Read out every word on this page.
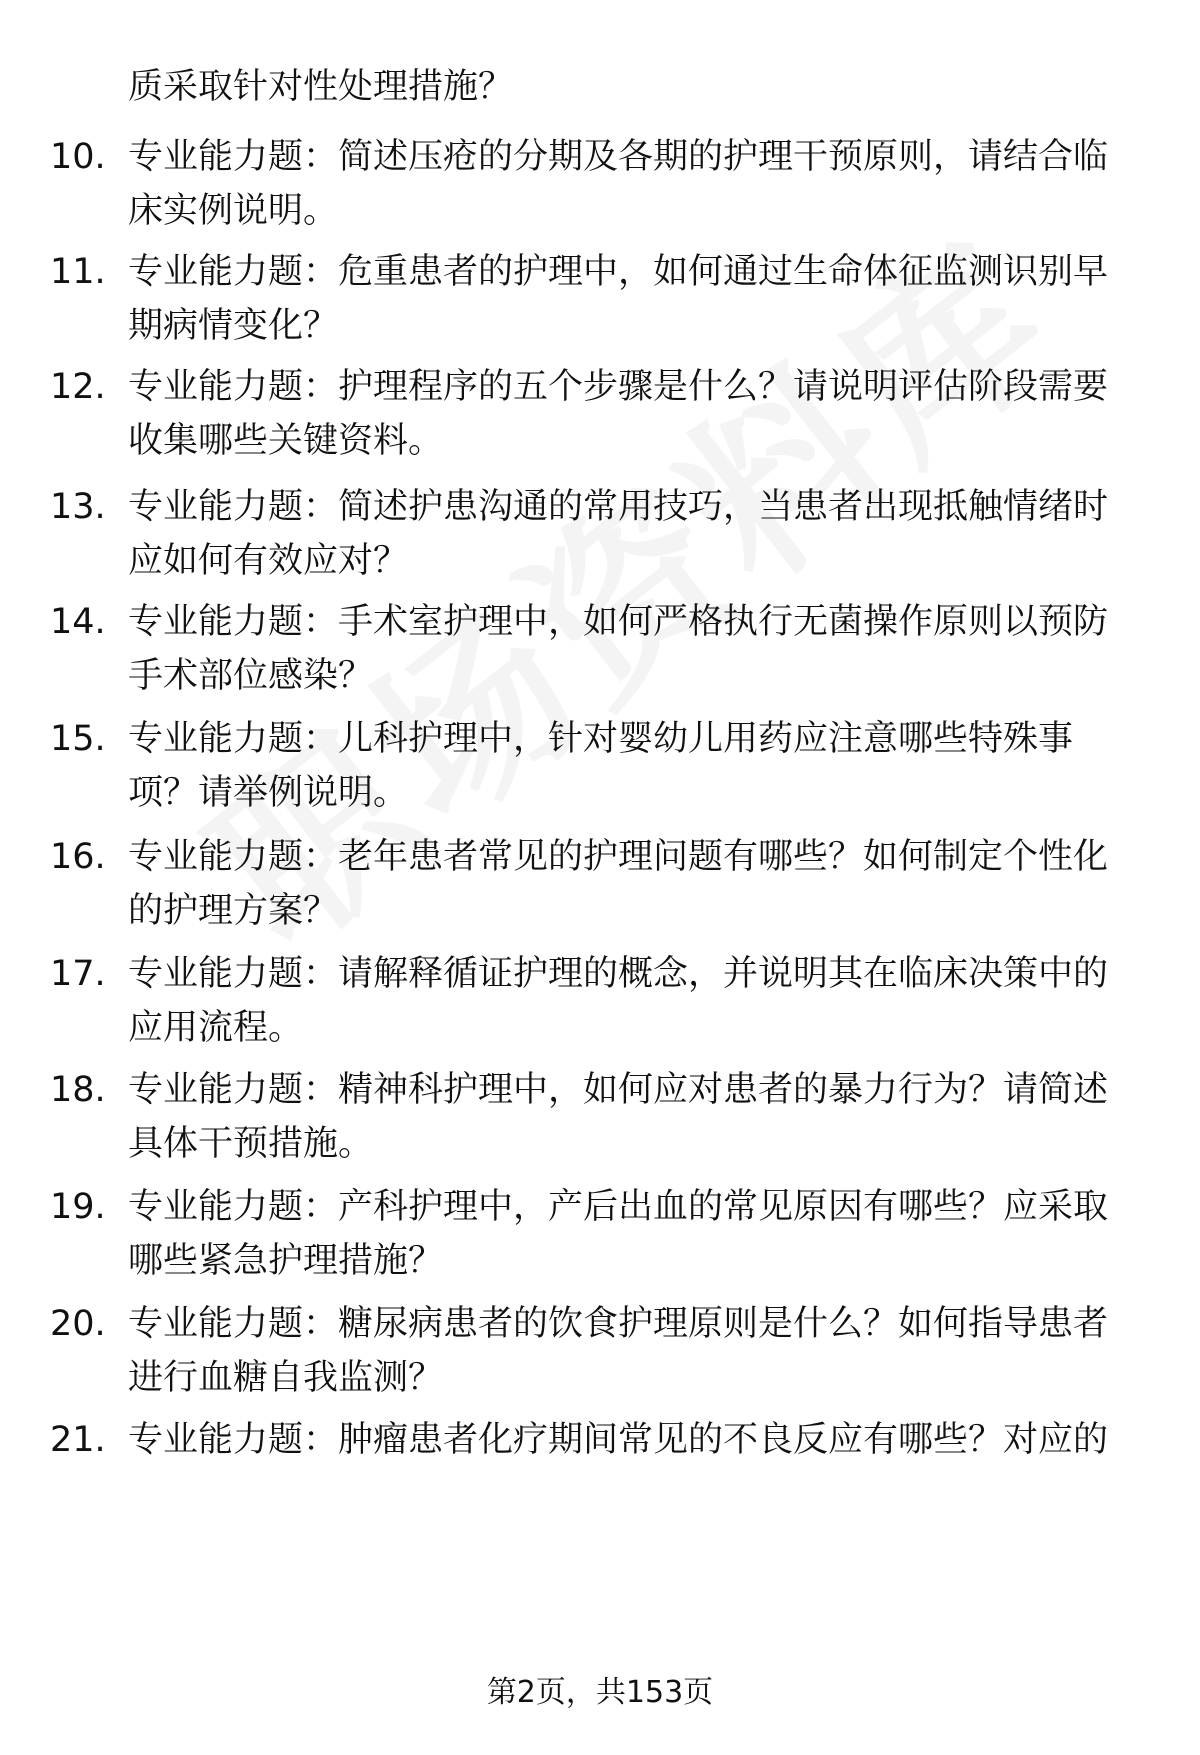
质采取针对性处理措施？

10. 专业能力题：简述压疮的分期及各期的护理干预原则，请结合临
床实例说明。

11. 专业能力题：危重患者的护理中，如何通过生命体征监测识别早
期病情变化？

12. 专业能力题：护理程序的五个步骤是什么？请说明评估阶段需要
收集哪些关键资料。

13. 专业能力题：简述护患沟通的常用技巧，当患者出现抵触情绪时
应如何有效应对？

14. 专业能力题：手术室护理中，如何严格执行无菌操作原则以预防
手术部位感染？

15. 专业能力题：儿科护理中，针对婴幼儿用药应注意哪些特殊事
项？请举例说明。

16. 专业能力题：老年患者常见的护理问题有哪些？如何制定个性化
的护理方案？

17. 专业能力题：请解释循证护理的概念，并说明其在临床决策中的
应用流程。

18. 专业能力题：精神科护理中，如何应对患者的暴力行为？请简述
具体干预措施。

19. 专业能力题：产科护理中，产后出血的常见原因有哪些？应采取
哪些紧急护理措施？

20. 专业能力题：糖尿病患者的饮食护理原则是什么？如何指导患者
进行血糖自我监测？

21. 专业能力题：肿瘤患者化疗期间常见的不良反应有哪些？对应的

第2页，共153页
